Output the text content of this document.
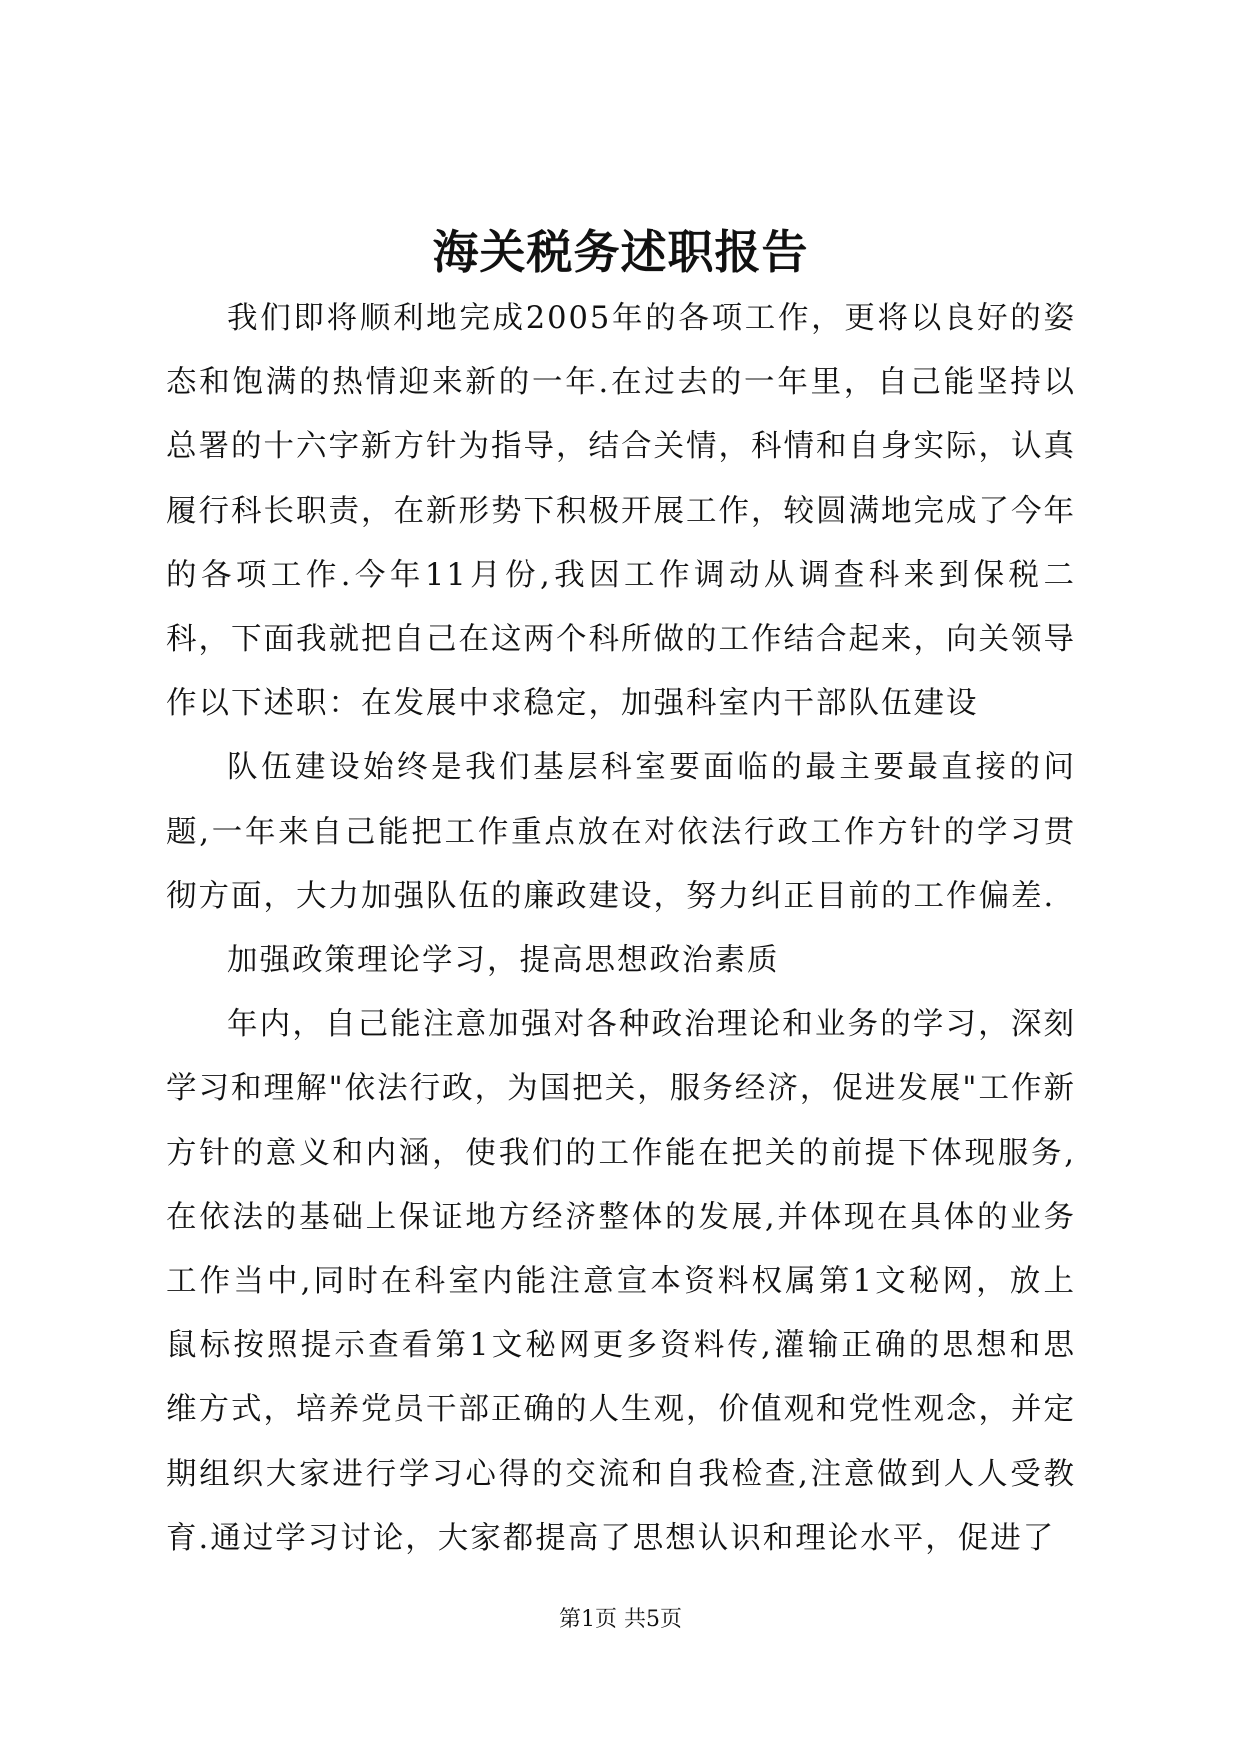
海关税务述职报告

我们即将顺利地完成2005年的各项工作，更将以良好的姿态和饱满的热情迎来新的一年.在过去的一年里，自己能坚持以总署的十六字新方针为指导，结合关情，科情和自身实际，认真履行科长职责，在新形势下积极开展工作，较圆满地完成了今年的各项工作.今年11月份,我因工作调动从调查科来到保税二科，下面我就把自己在这两个科所做的工作结合起来，向关领导作以下述职：在发展中求稳定，加强科室内干部队伍建设

队伍建设始终是我们基层科室要面临的最主要最直接的问题,一年来自己能把工作重点放在对依法行政工作方针的学习贯彻方面，大力加强队伍的廉政建设，努力纠正目前的工作偏差.

加强政策理论学习，提高思想政治素质

年内，自己能注意加强对各种政治理论和业务的学习，深刻学习和理解"依法行政，为国把关，服务经济，促进发展"工作新方针的意义和内涵，使我们的工作能在把关的前提下体现服务,在依法的基础上保证地方经济整体的发展,并体现在具体的业务工作当中,同时在科室内能注意宣本资料权属第1文秘网，放上鼠标按照提示查看第1文秘网更多资料传,灌输正确的思想和思维方式，培养党员干部正确的人生观，价值观和党性观念，并定期组织大家进行学习心得的交流和自我检查,注意做到人人受教育.通过学习讨论，大家都提高了思想认识和理论水平，促进了

第1页 共5页
